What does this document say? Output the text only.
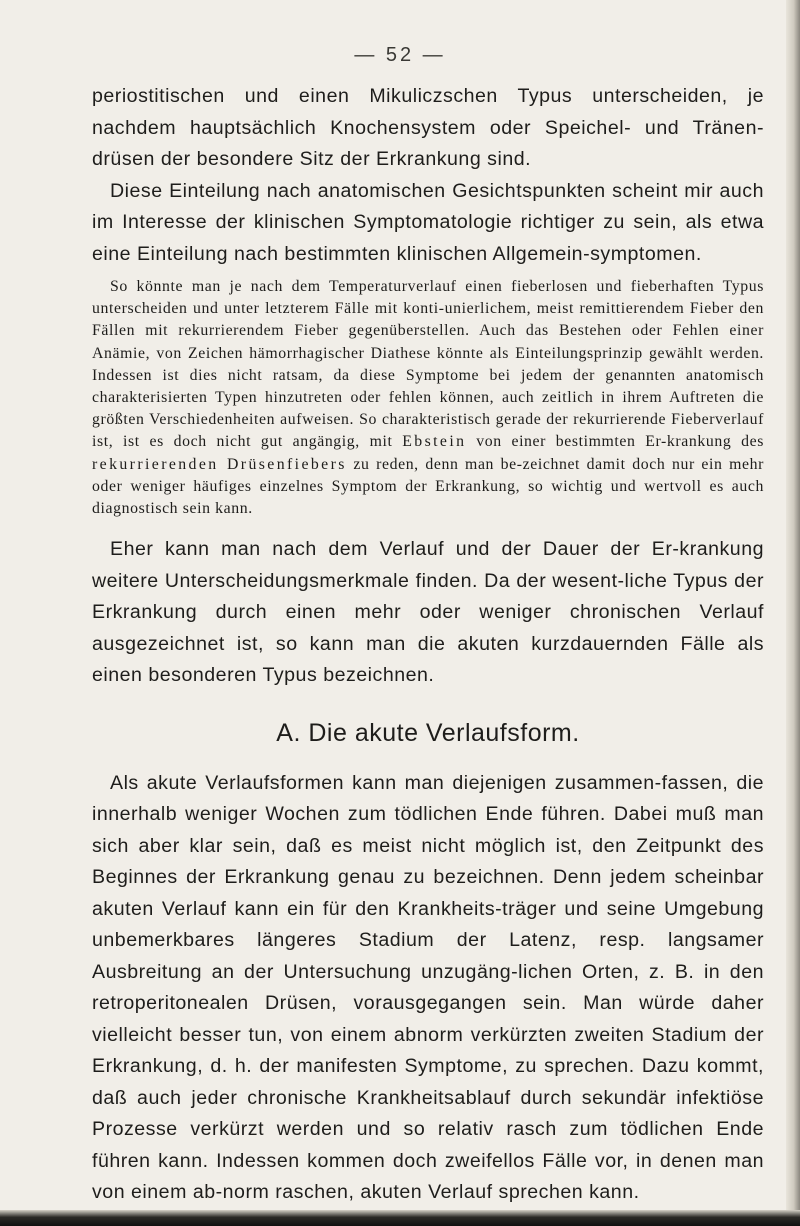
— 52 —

periostitischen und einen Mikuliczschen Typus unterscheiden, je nachdem hauptsächlich Knochensystem oder Speichel- und Tränen-drüsen der besondere Sitz der Erkrankung sind.

Diese Einteilung nach anatomischen Gesichtspunkten scheint mir auch im Interesse der klinischen Symptomatologie richtiger zu sein, als etwa eine Einteilung nach bestimmten klinischen Allgemein-symptomen.

So könnte man je nach dem Temperaturverlauf einen fieberlosen und fieberhaften Typus unterscheiden und unter letzterem Fälle mit konti-unierlichem, meist remittierendem Fieber den Fällen mit rekurrierendem Fieber gegenüberstellen. Auch das Bestehen oder Fehlen einer Anämie, von Zeichen hämorrhagischer Diathese könnte als Einteilungsprinzip gewählt werden. Indessen ist dies nicht ratsam, da diese Symptome bei jedem der genannten anatomisch charakterisierten Typen hinzutreten oder fehlen können, auch zeitlich in ihrem Auftreten die größten Verschiedenheiten aufweisen. So charakteristisch gerade der rekurrierende Fieberverlauf ist, ist es doch nicht gut angängig, mit Ebstein von einer bestimmten Er-krankung des rekurrierenden Drüsenfiebers zu reden, denn man be-zeichnet damit doch nur ein mehr oder weniger häufiges einzelnes Symptom der Erkrankung, so wichtig und wertvoll es auch diagnostisch sein kann.

Eher kann man nach dem Verlauf und der Dauer der Er-krankung weitere Unterscheidungsmerkmale finden. Da der wesent-liche Typus der Erkrankung durch einen mehr oder weniger chronischen Verlauf ausgezeichnet ist, so kann man die akuten kurzdauernden Fälle als einen besonderen Typus bezeichnen.

A. Die akute Verlaufsform.

Als akute Verlaufsformen kann man diejenigen zusammen-fassen, die innerhalb weniger Wochen zum tödlichen Ende führen. Dabei muß man sich aber klar sein, daß es meist nicht möglich ist, den Zeitpunkt des Beginnes der Erkrankung genau zu bezeichnen. Denn jedem scheinbar akuten Verlauf kann ein für den Krankheits-träger und seine Umgebung unbemerkbares längeres Stadium der Latenz, resp. langsamer Ausbreitung an der Untersuchung unzugäng-lichen Orten, z. B. in den retroperitonealen Drüsen, vorausgegangen sein. Man würde daher vielleicht besser tun, von einem abnorm verkürzten zweiten Stadium der Erkrankung, d. h. der manifesten Symptome, zu sprechen. Dazu kommt, daß auch jeder chronische Krankheitsablauf durch sekundär infektiöse Prozesse verkürzt werden und so relativ rasch zum tödlichen Ende führen kann. Indessen kommen doch zweifellos Fälle vor, in denen man von einem ab-norm raschen, akuten Verlauf sprechen kann.
